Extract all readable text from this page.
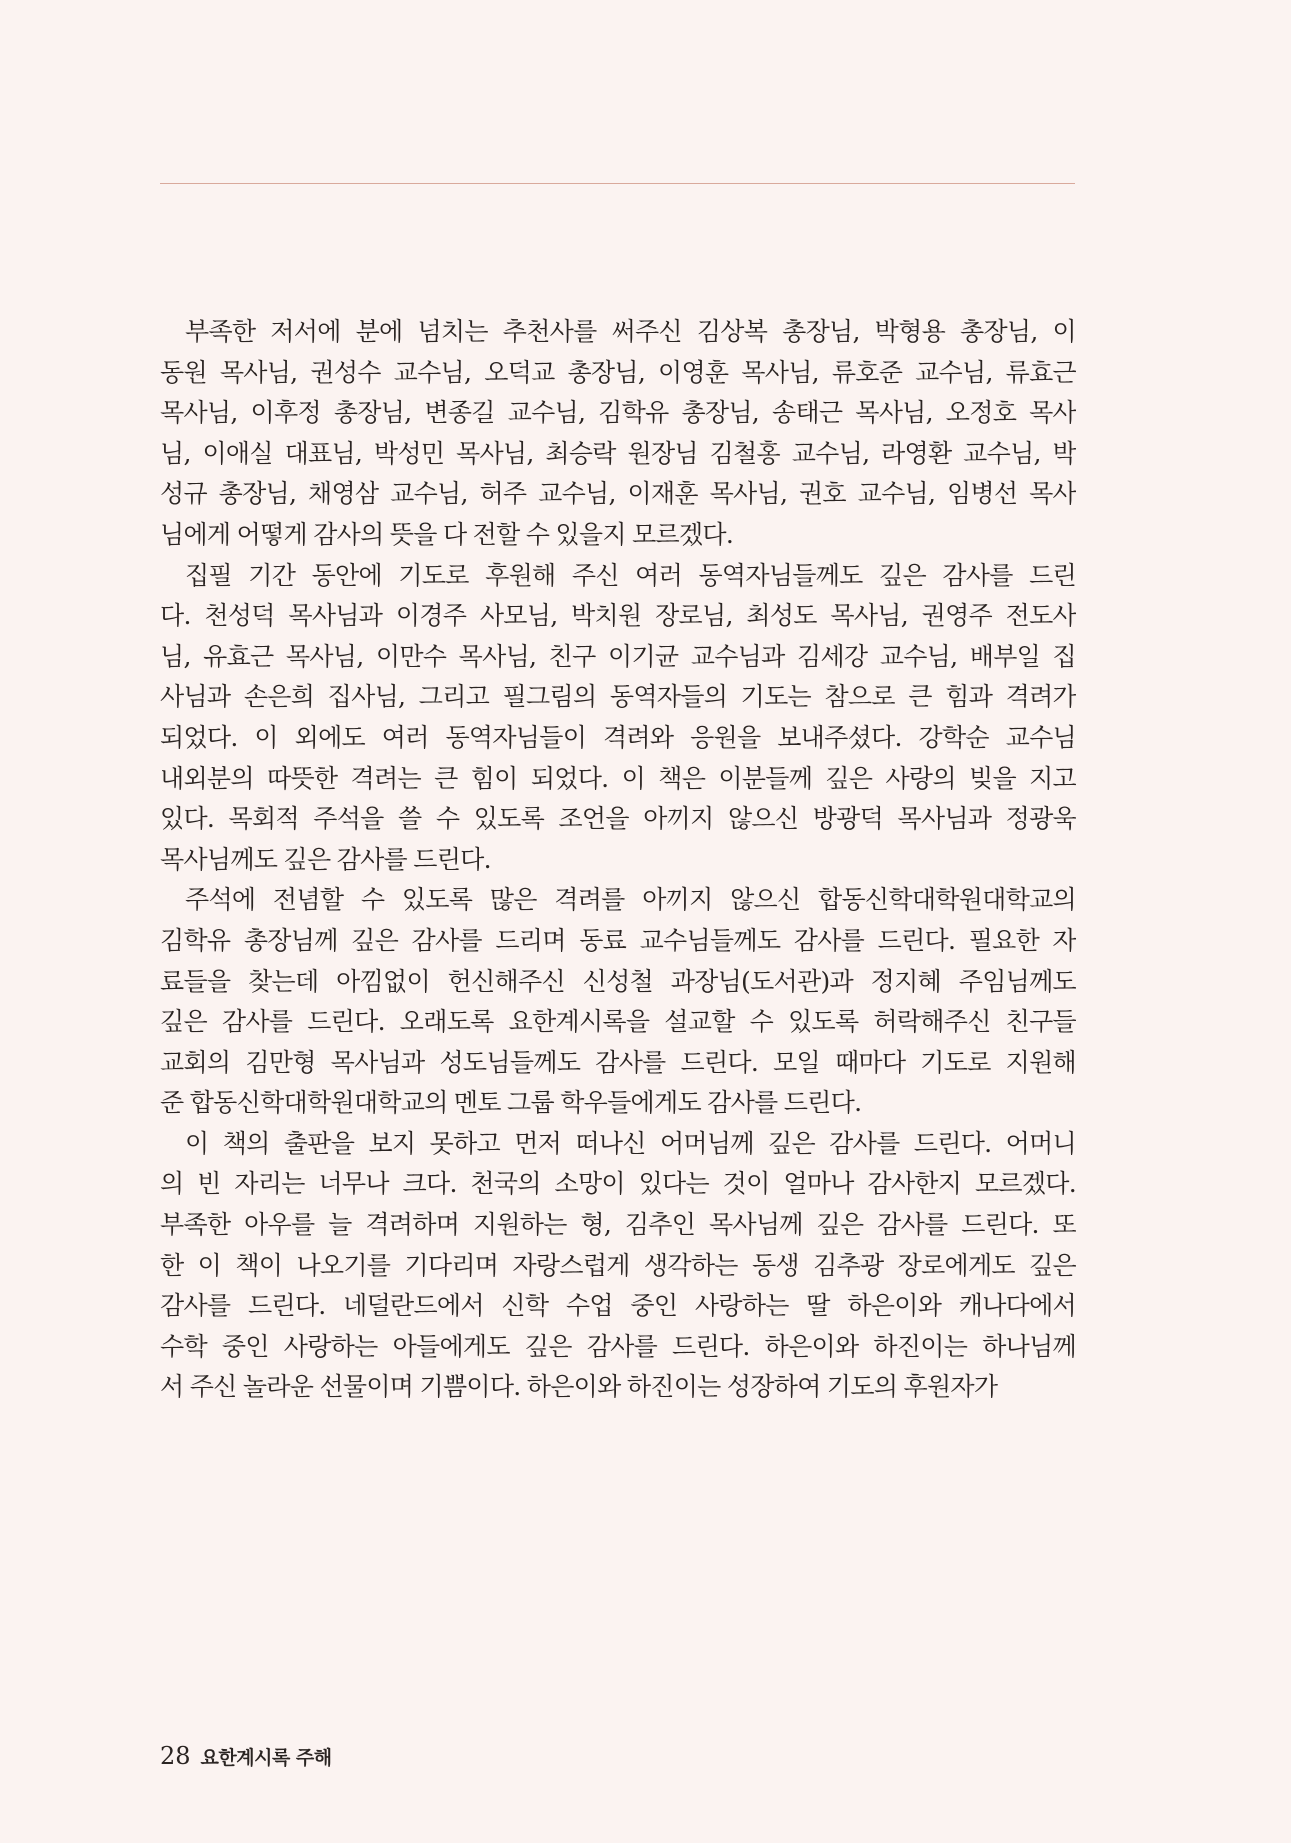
부족한 저서에 분에 넘치는 추천사를 써주신 김상복 총장님, 박형용 총장님, 이
동원 목사님, 권성수 교수님, 오덕교 총장님, 이영훈 목사님, 류호준 교수님, 류효근
목사님, 이후정 총장님, 변종길 교수님, 김학유 총장님, 송태근 목사님, 오정호 목사
님, 이애실 대표님, 박성민 목사님, 최승락 원장님 김철홍 교수님, 라영환 교수님, 박
성규 총장님, 채영삼 교수님, 허주 교수님, 이재훈 목사님, 권호 교수님, 임병선 목사
님에게 어떻게 감사의 뜻을 다 전할 수 있을지 모르겠다.
집필 기간 동안에 기도로 후원해 주신 여러 동역자님들께도 깊은 감사를 드린
다. 천성덕 목사님과 이경주 사모님, 박치원 장로님, 최성도 목사님, 권영주 전도사
님, 유효근 목사님, 이만수 목사님, 친구 이기균 교수님과 김세강 교수님, 배부일 집
사님과 손은희 집사님, 그리고 필그림의 동역자들의 기도는 참으로 큰 힘과 격려가
되었다. 이 외에도 여러 동역자님들이 격려와 응원을 보내주셨다. 강학순 교수님
내외분의 따뜻한 격려는 큰 힘이 되었다. 이 책은 이분들께 깊은 사랑의 빚을 지고
있다. 목회적 주석을 쓸 수 있도록 조언을 아끼지 않으신 방광덕 목사님과 정광욱
목사님께도 깊은 감사를 드린다.
주석에 전념할 수 있도록 많은 격려를 아끼지 않으신 합동신학대학원대학교의
김학유 총장님께 깊은 감사를 드리며 동료 교수님들께도 감사를 드린다. 필요한 자
료들을 찾는데 아낌없이 헌신해주신 신성철 과장님(도서관)과 정지혜 주임님께도
깊은 감사를 드린다. 오래도록 요한계시록을 설교할 수 있도록 허락해주신 친구들
교회의 김만형 목사님과 성도님들께도 감사를 드린다. 모일 때마다 기도로 지원해
준 합동신학대학원대학교의 멘토 그룹 학우들에게도 감사를 드린다.
이 책의 출판을 보지 못하고 먼저 떠나신 어머님께 깊은 감사를 드린다. 어머니
의 빈 자리는 너무나 크다. 천국의 소망이 있다는 것이 얼마나 감사한지 모르겠다.
부족한 아우를 늘 격려하며 지원하는 형, 김추인 목사님께 깊은 감사를 드린다. 또
한 이 책이 나오기를 기다리며 자랑스럽게 생각하는 동생 김추광 장로에게도 깊은
감사를 드린다. 네덜란드에서 신학 수업 중인 사랑하는 딸 하은이와 캐나다에서
수학 중인 사랑하는 아들에게도 깊은 감사를 드린다. 하은이와 하진이는 하나님께
서 주신 놀라운 선물이며 기쁨이다. 하은이와 하진이는 성장하여 기도의 후원자가
28 요한계시록 주해
